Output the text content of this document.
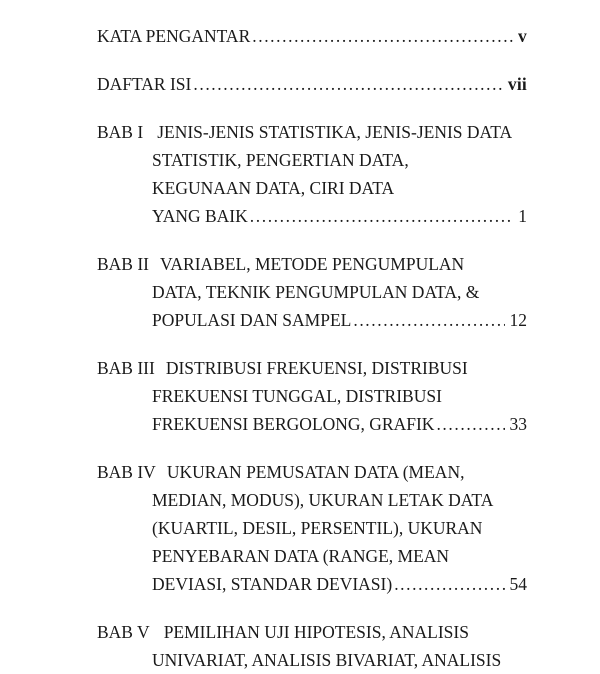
KATA PENGANTAR .....	v
DAFTAR ISI .....	vii
BAB I JENIS-JENIS STATISTIKA, JENIS-JENIS DATA
STATISTIK, PENGERTIAN DATA,
KEGUNAAN DATA, CIRI DATA
YANG BAIK .....	1
BAB II VARIABEL, METODE PENGUMPULAN
DATA, TEKNIK PENGUMPULAN DATA, &
POPULASI DAN SAMPEL .....	12
BAB III DISTRIBUSI FREKUENSI, DISTRIBUSI
FREKUENSI TUNGGAL, DISTRIBUSI
FREKUENSI BERGOLONG, GRAFIK .....	33
BAB IV UKURAN PEMUSATAN DATA (MEAN,
MEDIAN, MODUS), UKURAN LETAK DATA
(KUARTIL, DESIL, PERSENTIL), UKURAN
PENYEBARAN DATA (RANGE, MEAN
DEVIASI, STANDAR DEVIASI) .....	54
BAB V PEMILIHAN UJI HIPOTESIS, ANALISIS
UNIVARIAT, ANALISIS BIVARIAT, ANALISIS
